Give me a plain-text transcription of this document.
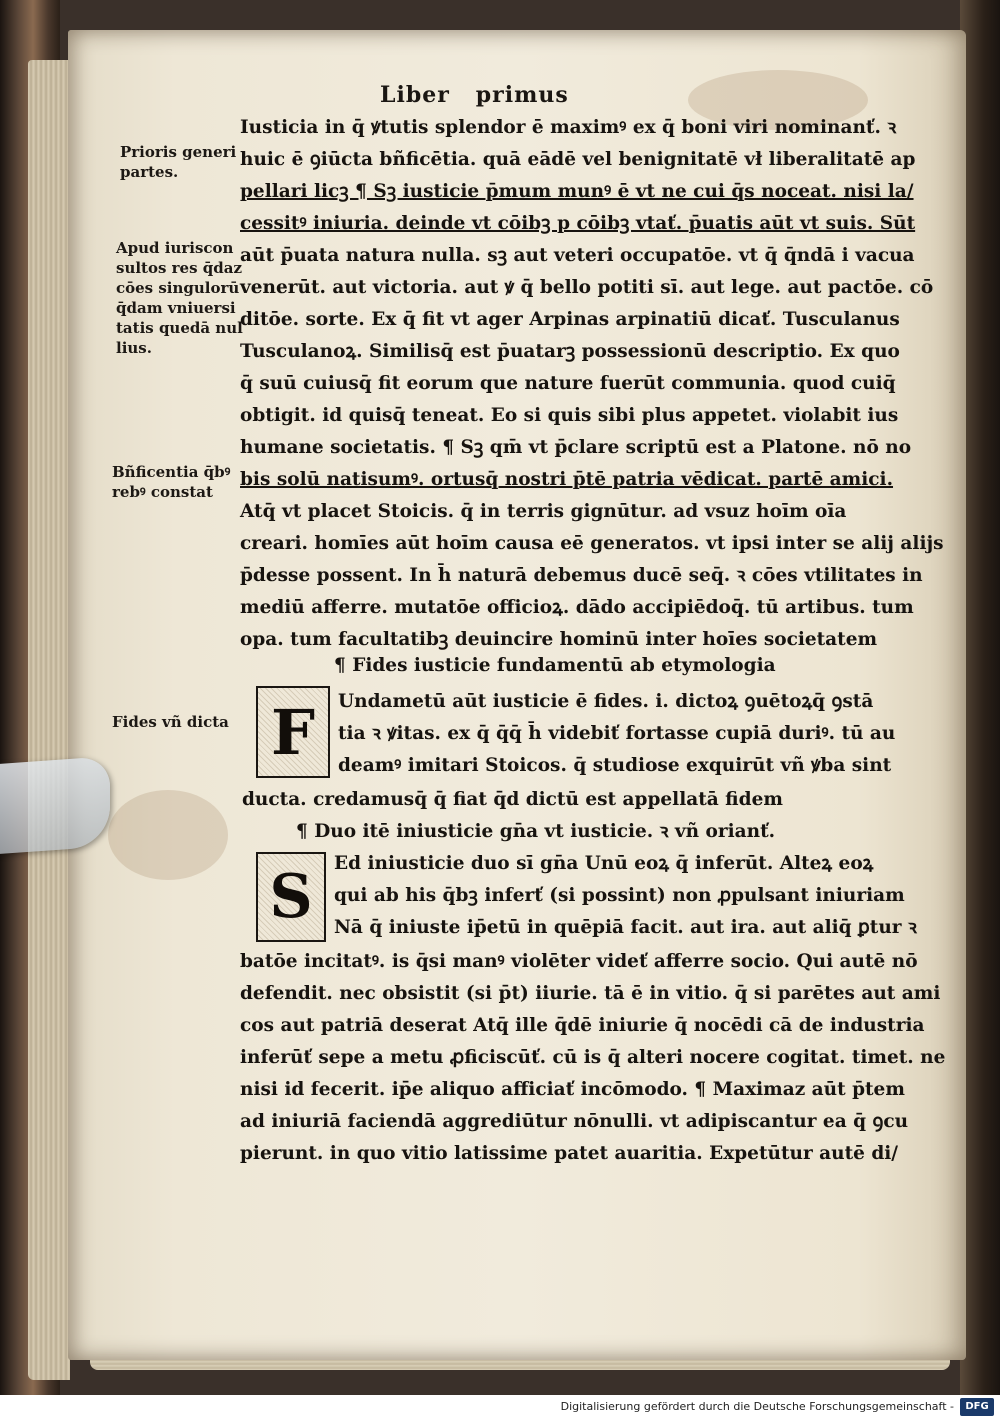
Liber primus
Prioris generi partes.
Apud iuriscon sultos res q̄daz cōes singulorū q̄dam vniuersi tatis quedā nul lius.
Bñficentia q̄bꝰ rebꝰ constat
Fides vñ dicta
Iusticia in q̄ ꝟtutis splendor ē maximꝰ ex q̄ boni viri nominanť. ꝛ
huic ē ꝯiūcta bñficētia. quā eādē vel benignitatē vł liberalitatē ap
pellari licꝫ ¶ Sꝫ iusticie p̄mum munꝰ ē vt ne cui q̄s noceat. nisi la/
cessitꝰ iniuria. deinde vt cōibꝫ p cōibꝫ vtať. p̄uatis aūt vt suis. Sūt
aūt p̄uata natura nulla. sꝫ aut veteri occupatōe. vt q̄ q̄ndā i vacua
venerūt. aut victoria. aut ꝟ q̄ bello potiti sī. aut lege. aut pactōe. cō
ditōe. sorte. Ex q̄ fit vt ager Arpinas arpinatiū dicať. Tusculanus
Tusculanoꝝ. Similisq̄ est p̄uatarꝫ possessionū descriptio. Ex quo
q̄ suū cuiusq̄ fit eorum que nature fuerūt communia. quod cuiq̄
obtigit. id quisq̄ teneat. Eo si quis sibi plus appetet. violabit ius
humane societatis. ¶ Sꝫ qm̄ vt p̄clare scriptū est a Platone. nō no
bis solū natisumꝰ. ortusq̄ nostri p̄tē patria vēdicat. partē amici.
Atq̄ vt placet Stoicis. q̄ in terris gignūtur. ad vsuz hoīm oīa
creari. homīes aūt hoīm causa eē generatos. vt ipsi inter se alij alijs
p̄desse possent. In h̄ naturā debemus ducē seq̄. ꝛ cōes vtilitates in
mediū afferre. mutatōe officioꝝ. dādo accipiēdoq̄. tū artibus. tum
opa. tum facultatibꝫ deuincire hominū inter hoīes societatem
¶ Fides iusticie fundamentū ab etymologia
F	Undametū aūt iusticie ē fides. i. dictoꝝ ꝯuētoꝝq̄ ꝯstā
tia ꝛ ꝟitas. ex q̄ q̄q̄ h̄ videbiť fortasse cupiā duriꝰ. tū au
deamꝰ imitari Stoicos. q̄ studiose exquirūt vñ ꝟba sint
ducta. credamusq̄ q̄ fiat q̄d dictū est appellatā fidem
¶ Duo itē iniusticie gn̄a vt iusticie. ꝛ vñ orianť.
S	Ed iniusticie duo sī gn̄a Unū eoꝝ q̄ inferūt. Alteꝝ eoꝝ
qui ab his q̄bꝫ inferť (si possint) non ꝓpulsant iniuriam
Nā q̄ iniuste ip̄etū in quēpiā facit. aut ira. aut aliq̄ ꝑtur ꝛ
batōe incitatꝰ. is q̄si manꝰ violēter videť afferre socio. Qui autē nō
defendit. nec obsistit (si p̄t) iiurie. tā ē in vitio. q̄ si parētes aut ami
cos aut patriā deserat Atq̄ ille q̄dē iniurie q̄ nocēdi cā de industria
inferūť sepe a metu ꝓficiscūť. cū is q̄ alteri nocere cogitat. timet. ne
nisi id fecerit. ip̄e aliquo afficiať incōmodo. ¶ Maximaz aūt p̄tem
ad iniuriā faciendā aggrediūtur nōnulli. vt adipiscantur ea q̄ ꝯcu
pierunt. in quo vitio latissime patet auaritia. Expetūtur autē di/
Digitalisierung gefördert durch die Deutsche Forschungsgemeinschaft -	DFG
